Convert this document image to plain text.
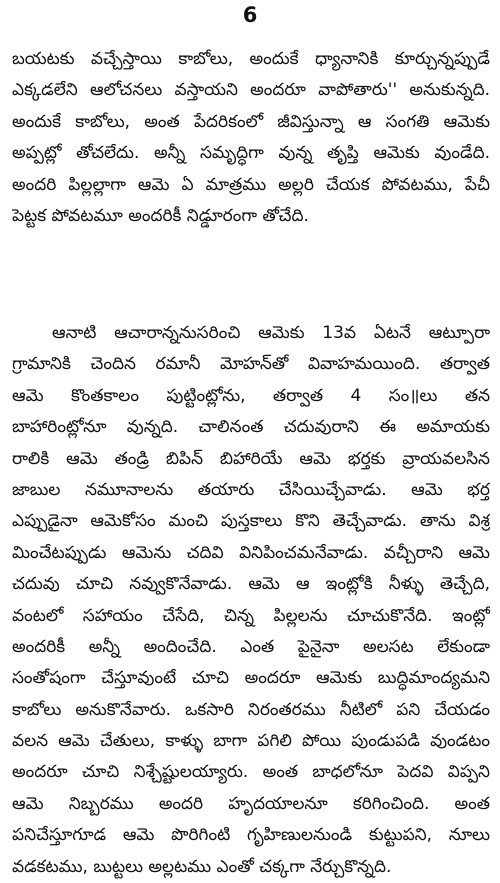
6
బయటకు వచ్చేస్తాయి కాబోలు, అందుకే ధ్యానానికి కూర్చున్నప్పుడే
ఎక్కడలేని ఆలోచనలు వస్తాయని అందరూ వాపోతారు'' అనుకున్నది.
అందుకే కాబోలు, అంత పేదరికంలో జీవిస్తున్నా ఆ సంగతి ఆమెకు
అప్పట్లో తోచలేదు. అన్నీ సమృద్ధిగా వున్న తృప్తి ఆమెకు వుండేది.
అందరి పిల్లల్లాగా ఆమె ఏ మాత్రము అల్లరి చేయక పోవటము, పేచీ
పెట్టక పోవటమూ అందరికీ నిడ్డూరంగా తోచేది.
ఆనాటి ఆచారాన్ననుసరించి ఆమెకు 13వ ఏటనే ఆట్పూరా
గ్రామానికి చెందిన రమానీ మోహన్‌తో వివాహమయింది. తర్వాత
ఆమె కొంతకాలం పుట్టింట్లోను, తర్వాత 4 సం॥లు తన
బాహారింట్లోనూ వున్నది. చాలినంత చదువురాని ఈ అమాయకు
రాలికి ఆమె తండ్రి బిపిన్ బిహారియే ఆమె భర్తకు వ్రాయవలసిన
జాబుల నమూనాలను తయారు చేసియిచ్చేవాడు. ఆమె భర్త
ఎప్పుడైనా ఆమెకోసం మంచి పుస్తకాలు కొని తెచ్చేవాడు. తాను విశ్ర
మించేటప్పుడు ఆమెను చదివి వినిపించమనేవాడు. వచ్చీరాని ఆమె
చదువు చూచి నవ్వుకొనేవాడు. ఆమె ఆ ఇంట్లోకి నీళ్ళు తెచ్చేది,
వంటలో సహాయం చేసేది, చిన్న పిల్లలను చూచుకొనేది. ఇంట్లో
అందరికీ అన్నీ అందించేది. ఎంత పైనైనా అలసట లేకుండా
సంతోషంగా చేస్తూవుంటే చూచి అందరూ ఆమెకు బుద్ధిమాంద్యమని
కాబోలు అనుకొనేవారు. ఒకసారి నిరంతరము నీటిలో పని చేయడం
వలన ఆమె చేతులు, కాళ్ళు బాగా పగిలి పోయి పుండుపడి వుండటం
అందరూ చూచి నిశ్చేష్టులయ్యారు. అంత బాధలోనూ పెదవి విప్పని
ఆమె నిబ్బరము అందరి హృదయాలనూ కరిగించింది. అంత
పనిచేస్తూగూడ ఆమె పొరిగింటి గృహిణులనుండి కుట్టుపని, నూలు
వడకటము, బుట్టలు అల్లటము ఎంతో చక్కగా నేర్చుకొన్నది.
